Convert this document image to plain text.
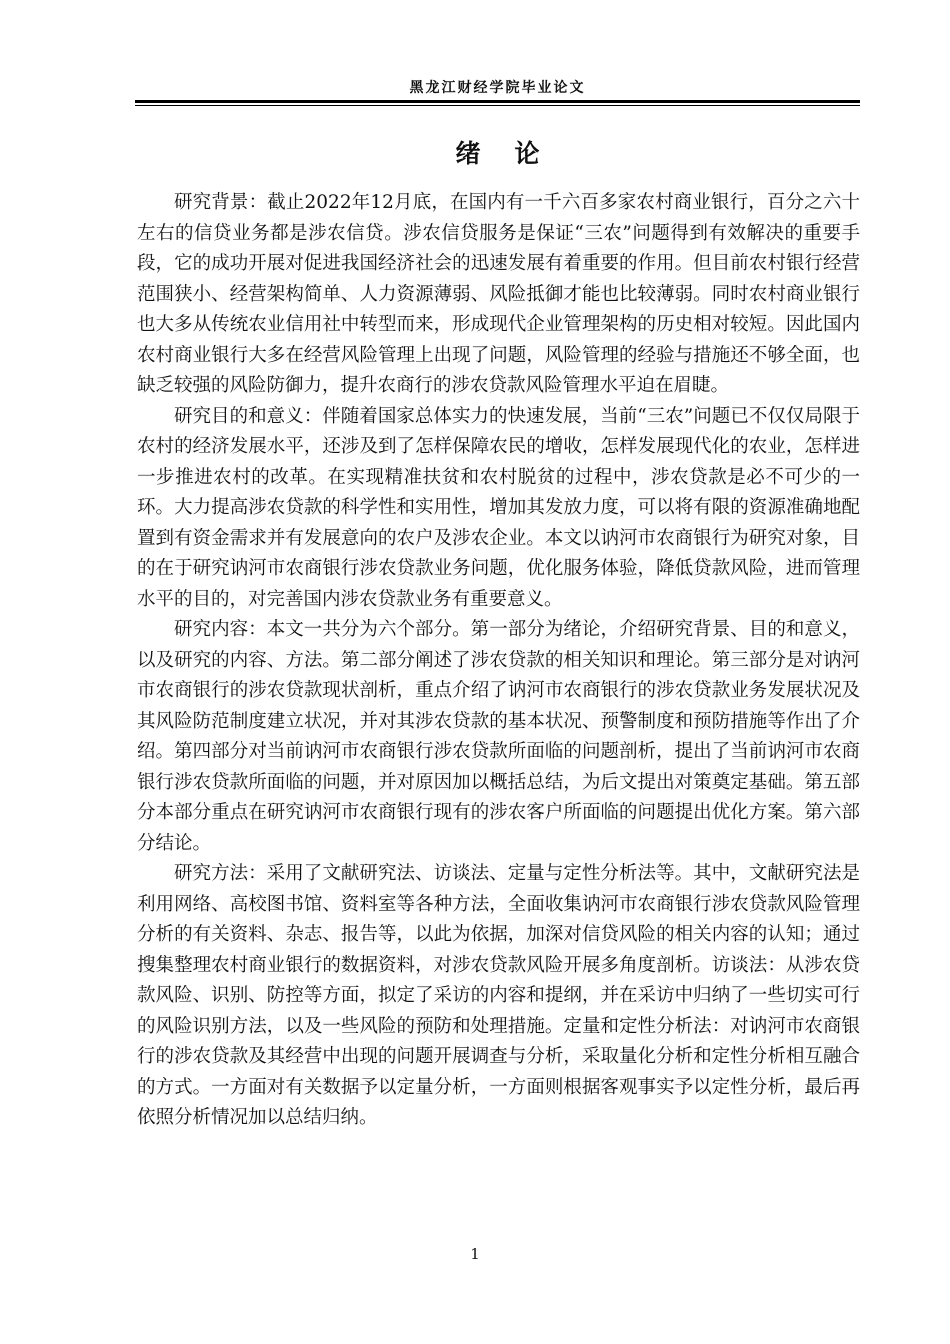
黑龙江财经学院毕业论文
绪论

研究背景：截止2022年12月底，在国内有一千六百多家农村商业银行，百分之六十左右的信贷业务都是涉农信贷。涉农信贷服务是保证“三农”问题得到有效解决的重要手段，它的成功开展对促进我国经济社会的迅速发展有着重要的作用。但目前农村银行经营范围狭小、经营架构简单、人力资源薄弱、风险抵御才能也比较薄弱。同时农村商业银行也大多从传统农业信用社中转型而来，形成现代企业管理架构的历史相对较短。因此国内农村商业银行大多在经营风险管理上出现了问题，风险管理的经验与措施还不够全面，也缺乏较强的风险防御力，提升农商行的涉农贷款风险管理水平迫在眉睫。

研究目的和意义：伴随着国家总体实力的快速发展，当前“三农”问题已不仅仅局限于农村的经济发展水平，还涉及到了怎样保障农民的增收，怎样发展现代化的农业，怎样进一步推进农村的改革。在实现精准扶贫和农村脱贫的过程中，涉农贷款是必不可少的一环。大力提高涉农贷款的科学性和实用性，增加其发放力度，可以将有限的资源准确地配置到有资金需求并有发展意向的农户及涉农企业。本文以讷河市农商银行为研究对象，目的在于研究讷河市农商银行涉农贷款业务问题，优化服务体验，降低贷款风险，进而管理水平的目的，对完善国内涉农贷款业务有重要意义。

研究内容：本文一共分为六个部分。第一部分为绪论，介绍研究背景、目的和意义，以及研究的内容、方法。第二部分阐述了涉农贷款的相关知识和理论。第三部分是对讷河市农商银行的涉农贷款现状剖析，重点介绍了讷河市农商银行的涉农贷款业务发展状况及其风险防范制度建立状况，并对其涉农贷款的基本状况、预警制度和预防措施等作出了介绍。第四部分对当前讷河市农商银行涉农贷款所面临的问题剖析，提出了当前讷河市农商银行涉农贷款所面临的问题，并对原因加以概括总结，为后文提出对策奠定基础。第五部分本部分重点在研究讷河市农商银行现有的涉农客户所面临的问题提出优化方案。第六部分结论。

研究方法：采用了文献研究法、访谈法、定量与定性分析法等。其中，文献研究法是利用网络、高校图书馆、资料室等各种方法，全面收集讷河市农商银行涉农贷款风险管理分析的有关资料、杂志、报告等，以此为依据，加深对信贷风险的相关内容的认知；通过搜集整理农村商业银行的数据资料，对涉农贷款风险开展多角度剖析。访谈法：从涉农贷款风险、识别、防控等方面，拟定了采访的内容和提纲，并在采访中归纳了一些切实可行的风险识别方法，以及一些风险的预防和处理措施。定量和定性分析法：对讷河市农商银行的涉农贷款及其经营中出现的问题开展调查与分析，采取量化分析和定性分析相互融合的方式。一方面对有关数据予以定量分析，一方面则根据客观事实予以定性分析，最后再依照分析情况加以总结归纳。

1
